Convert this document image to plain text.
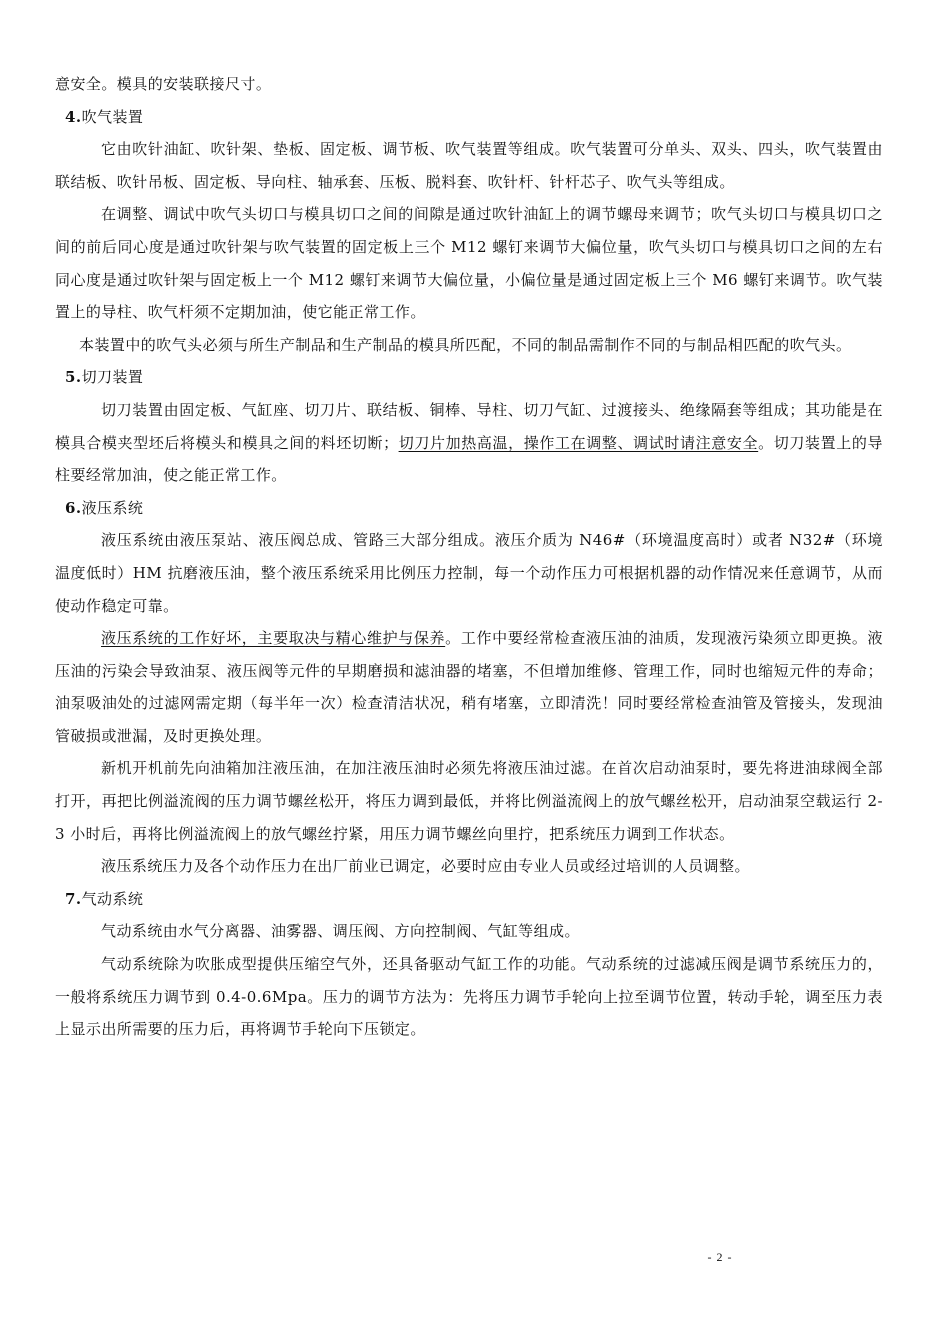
意安全。模具的安装联接尺寸。

4.吹气装置

它由吹针油缸、吹针架、垫板、固定板、调节板、吹气装置等组成。吹气装置可分单头、双头、四头，吹气装置由联结板、吹针吊板、固定板、导向柱、轴承套、压板、脱料套、吹针杆、针杆芯子、吹气头等组成。

在调整、调试中吹气头切口与模具切口之间的间隙是通过吹针油缸上的调节螺母来调节；吹气头切口与模具切口之间的前后同心度是通过吹针架与吹气装置的固定板上三个 M12 螺钉来调节大偏位量，吹气头切口与模具切口之间的左右同心度是通过吹针架与固定板上一个 M12 螺钉来调节大偏位量，小偏位量是通过固定板上三个 M6 螺钉来调节。吹气装置上的导柱、吹气杆须不定期加油，使它能正常工作。

本装置中的吹气头必须与所生产制品和生产制品的模具所匹配，不同的制品需制作不同的与制品相匹配的吹气头。

5.切刀装置

切刀装置由固定板、气缸座、切刀片、联结板、铜棒、导柱、切刀气缸、过渡接头、绝缘隔套等组成；其功能是在模具合模夹型坯后将模头和模具之间的料坯切断；切刀片加热高温，操作工在调整、调试时请注意安全。切刀装置上的导柱要经常加油，使之能正常工作。

6.液压系统

液压系统由液压泵站、液压阀总成、管路三大部分组成。液压介质为 N46#（环境温度高时）或者 N32#（环境温度低时）HM 抗磨液压油，整个液压系统采用比例压力控制，每一个动作压力可根据机器的动作情况来任意调节，从而使动作稳定可靠。

液压系统的工作好坏，主要取决与精心维护与保养。工作中要经常检查液压油的油质，发现液污染须立即更换。液压油的污染会导致油泵、液压阀等元件的早期磨损和滤油器的堵塞，不但增加维修、管理工作，同时也缩短元件的寿命；油泵吸油处的过滤网需定期（每半年一次）检查清洁状况，稍有堵塞，立即清洗！同时要经常检查油管及管接头，发现油管破损或泄漏，及时更换处理。

新机开机前先向油箱加注液压油，在加注液压油时必须先将液压油过滤。在首次启动油泵时，要先将进油球阀全部打开，再把比例溢流阀的压力调节螺丝松开，将压力调到最低，并将比例溢流阀上的放气螺丝松开，启动油泵空载运行 2-3 小时后，再将比例溢流阀上的放气螺丝拧紧，用压力调节螺丝向里拧，把系统压力调到工作状态。

液压系统压力及各个动作压力在出厂前业已调定，必要时应由专业人员或经过培训的人员调整。

7.气动系统

气动系统由水气分离器、油雾器、调压阀、方向控制阀、气缸等组成。

气动系统除为吹胀成型提供压缩空气外，还具备驱动气缸工作的功能。气动系统的过滤减压阀是调节系统压力的，一般将系统压力调节到 0.4-0.6Mpa。压力的调节方法为：先将压力调节手轮向上拉至调节位置，转动手轮，调至压力表上显示出所需要的压力后，再将调节手轮向下压锁定。

- 2 -
